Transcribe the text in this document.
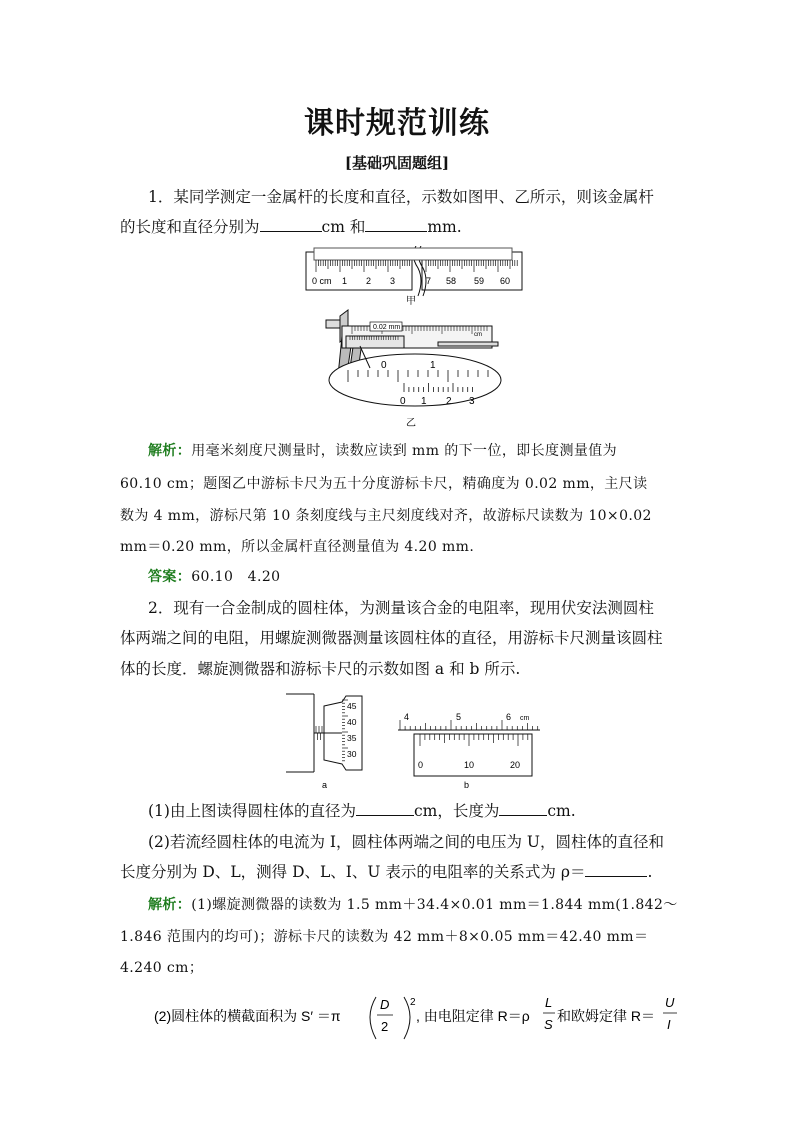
课时规范训练
[基础巩固题组]
1．某同学测定一金属杆的长度和直径，示数如图甲、乙所示，则该金属杆
的长度和直径分别为	cm 和	mm.
0 cm 1 2 3	7 58 59 60
甲
0.02 mm
cm
0	1
0 1 2 3
乙
解析：用毫米刻度尺测量时，读数应读到 mm 的下一位，即长度测量值为
60.10 cm；题图乙中游标卡尺为五十分度游标卡尺，精确度为 0.02 mm，主尺读
数为 4 mm，游标尺第 10 条刻度线与主尺刻度线对齐，故游标尺读数为 10×0.02
mm＝0.20 mm，所以金属杆直径测量值为 4.20 mm.
答案：60.10　4.20
2．现有一合金制成的圆柱体，为测量该合金的电阻率，现用伏安法测圆柱
体两端之间的电阻，用螺旋测微器测量该圆柱体的直径，用游标卡尺测量该圆柱
体的长度．螺旋测微器和游标卡尺的示数如图 a 和 b 所示.
45
40
35
30
a
4	5	6 cm
0	10	20
b
(1)由上图读得圆柱体的直径为	cm，长度为	cm.
(2)若流经圆柱体的电流为 I，圆柱体两端之间的电压为 U，圆柱体的直径和
长度分别为 D、L，测得 D、L、I、U 表示的电阻率的关系式为 ρ＝	.
解析：(1)螺旋测微器的读数为 1.5 mm＋34.4×0.01 mm＝1.844 mm(1.842～
1.846 范围内的均可)；游标卡尺的读数为 42 mm＋8×0.05 mm＝42.40 mm＝
4.240 cm；
(2)圆柱体的横截面积为 S′ ＝π
D
2
2
, 由电阻定律 R＝ρ
L
S
和欧姆定律 R＝
U
I
